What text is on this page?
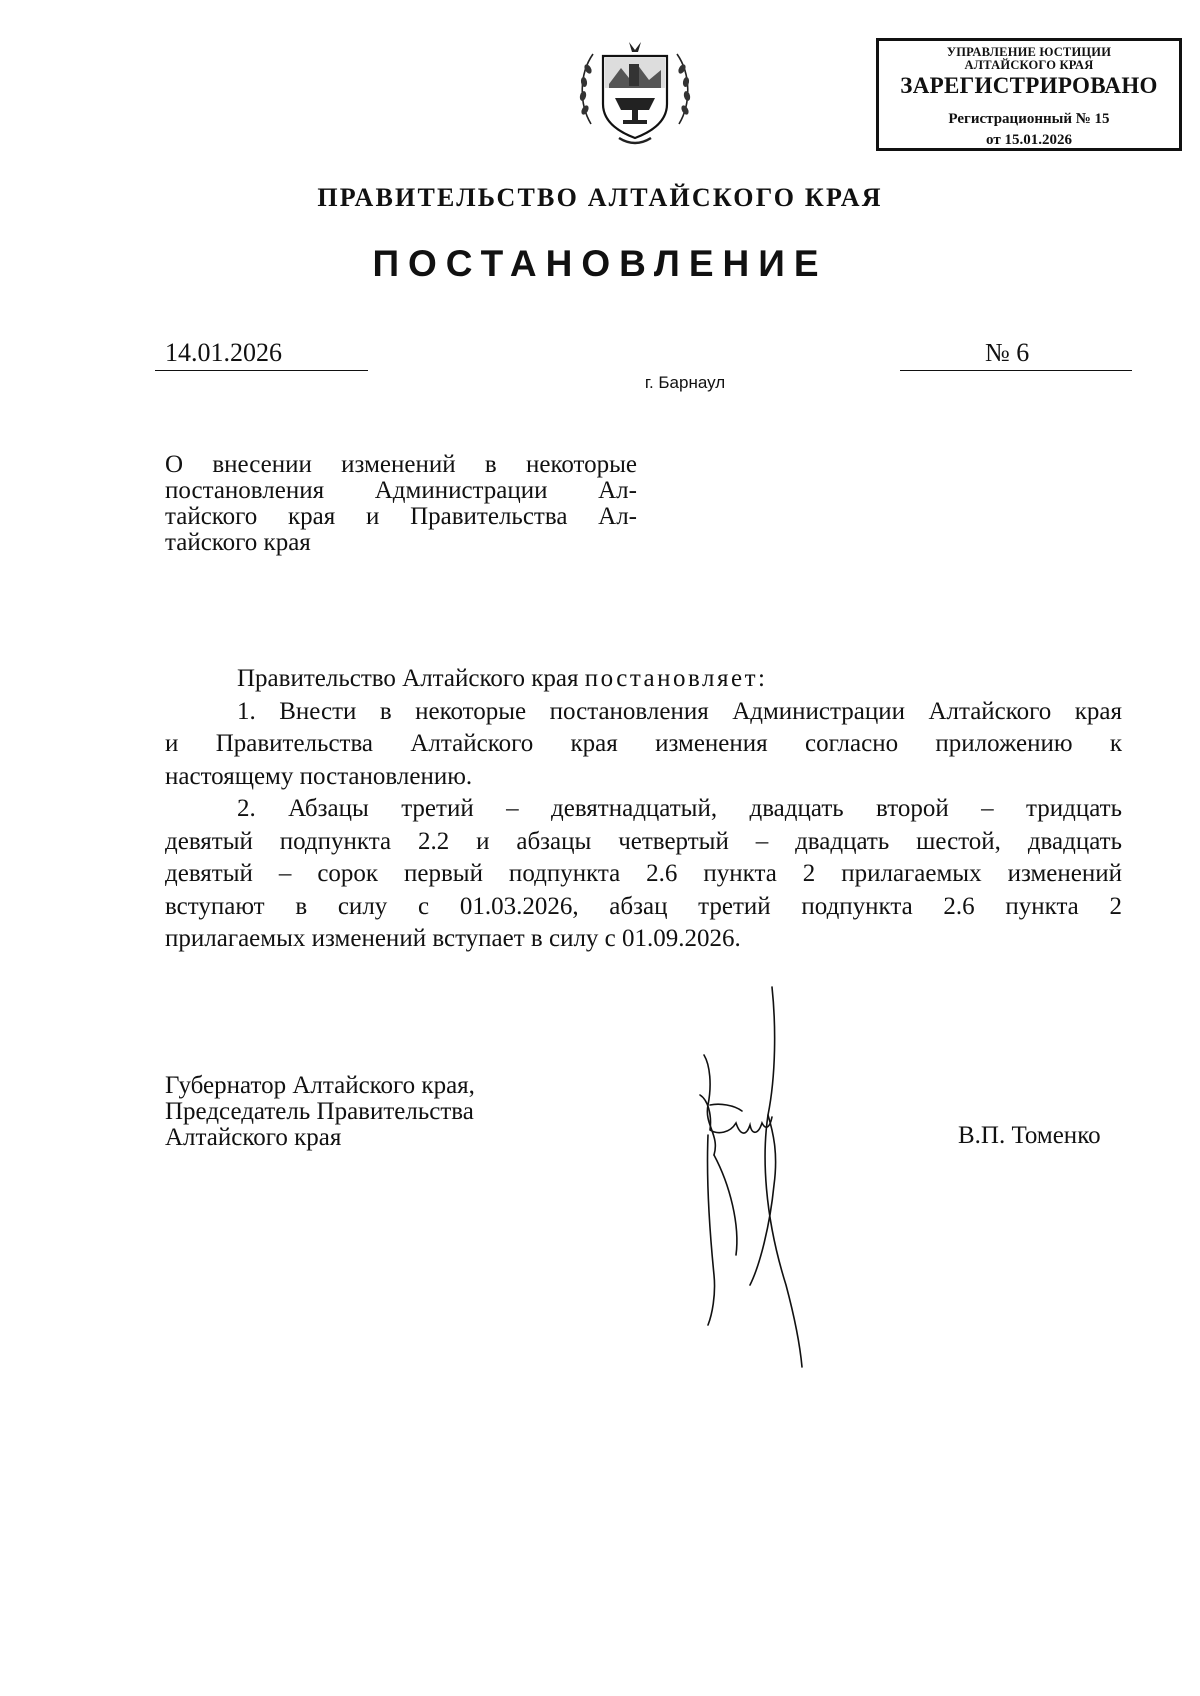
УПРАВЛЕНИЕ ЮСТИЦИИ
АЛТАЙСКОГО КРАЯ
ЗАРЕГИСТРИРОВАНО
Регистрационный № 15
от 15.01.2026
ПРАВИТЕЛЬСТВО АЛТАЙСКОГО КРАЯ
ПОСТАНОВЛЕНИЕ
14.01.2026	№ 6
г. Барнаул
О внесении изменений в некоторые
постановления Администрации Ал-
тайского края и Правительства Ал-
тайского края
Правительство Алтайского края постановляет:
1. Внести в некоторые постановления Администрации Алтайского края
и Правительства Алтайского края изменения согласно приложению к
настоящему постановлению.
2. Абзацы третий – девятнадцатый, двадцать второй – тридцать
девятый подпункта 2.2 и абзацы четвертый – двадцать шестой, двадцать
девятый – сорок первый подпункта 2.6 пункта 2 прилагаемых изменений
вступают в силу с 01.03.2026, абзац третий подпункта 2.6 пункта 2
прилагаемых изменений вступает в силу с 01.09.2026.
Губернатор Алтайского края,
Председатель Правительства
Алтайского края	В.П. Томенко
